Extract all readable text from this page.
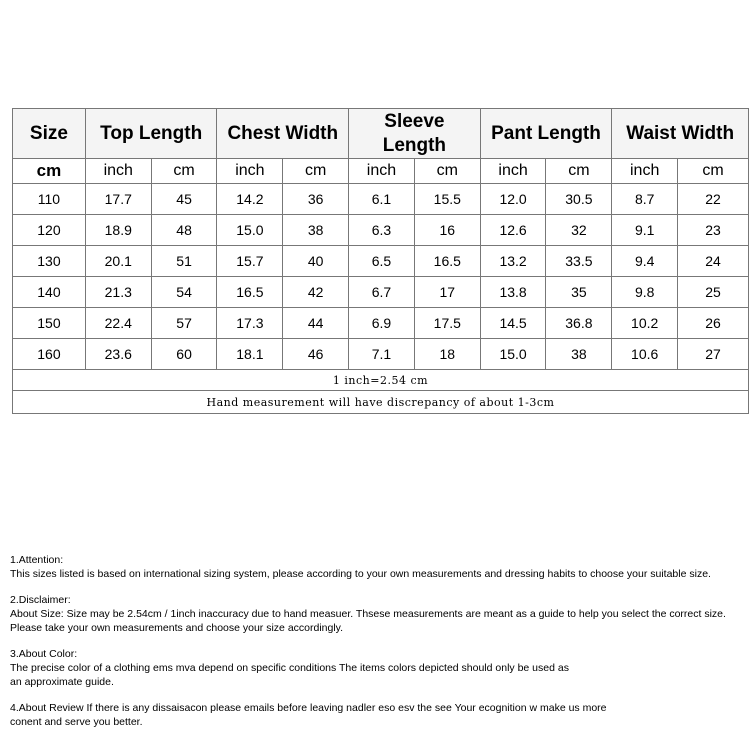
Size	Top Length		Chest Width		Sleeve
Length		Pant Length		Waist Width	
cm	inch	cm	inch	cm	inch	cm	inch	cm	inch	cm
110	17.7	45	14.2	36	6.1	15.5	12.0	30.5	8.7	22
120	18.9	48	15.0	38	6.3	16	12.6	32	9.1	23
130	20.1	51	15.7	40	6.5	16.5	13.2	33.5	9.4	24
140	21.3	54	16.5	42	6.7	17	13.8	35	9.8	25
150	22.4	57	17.3	44	6.9	17.5	14.5	36.8	10.2	26
160	23.6	60	18.1	46	7.1	18	15.0	38	10.6	27
1 inch=2.54 cm										
Hand measurement will have discrepancy of about 1-3cm										

1.Attention:

This sizes listed is based on international sizing system, please according to your own measurements and dressing habits to choose your suitable size.

2.Disclaimer:

About Size: Size may be 2.54cm / 1inch inaccuracy due to hand measuer. Thsese measurements are meant as a guide to help you select the correct size.

Please take your own measurements and choose your size accordingly.

3.About Color:

The precise color of a clothing ems mva depend on specific conditions The items colors depicted should only be used as

an approximate guide.

4.About Review If there is any dissaisacon please emails before leaving nadler eso esv the see Your ecognition w make us more

conent and serve you better.
